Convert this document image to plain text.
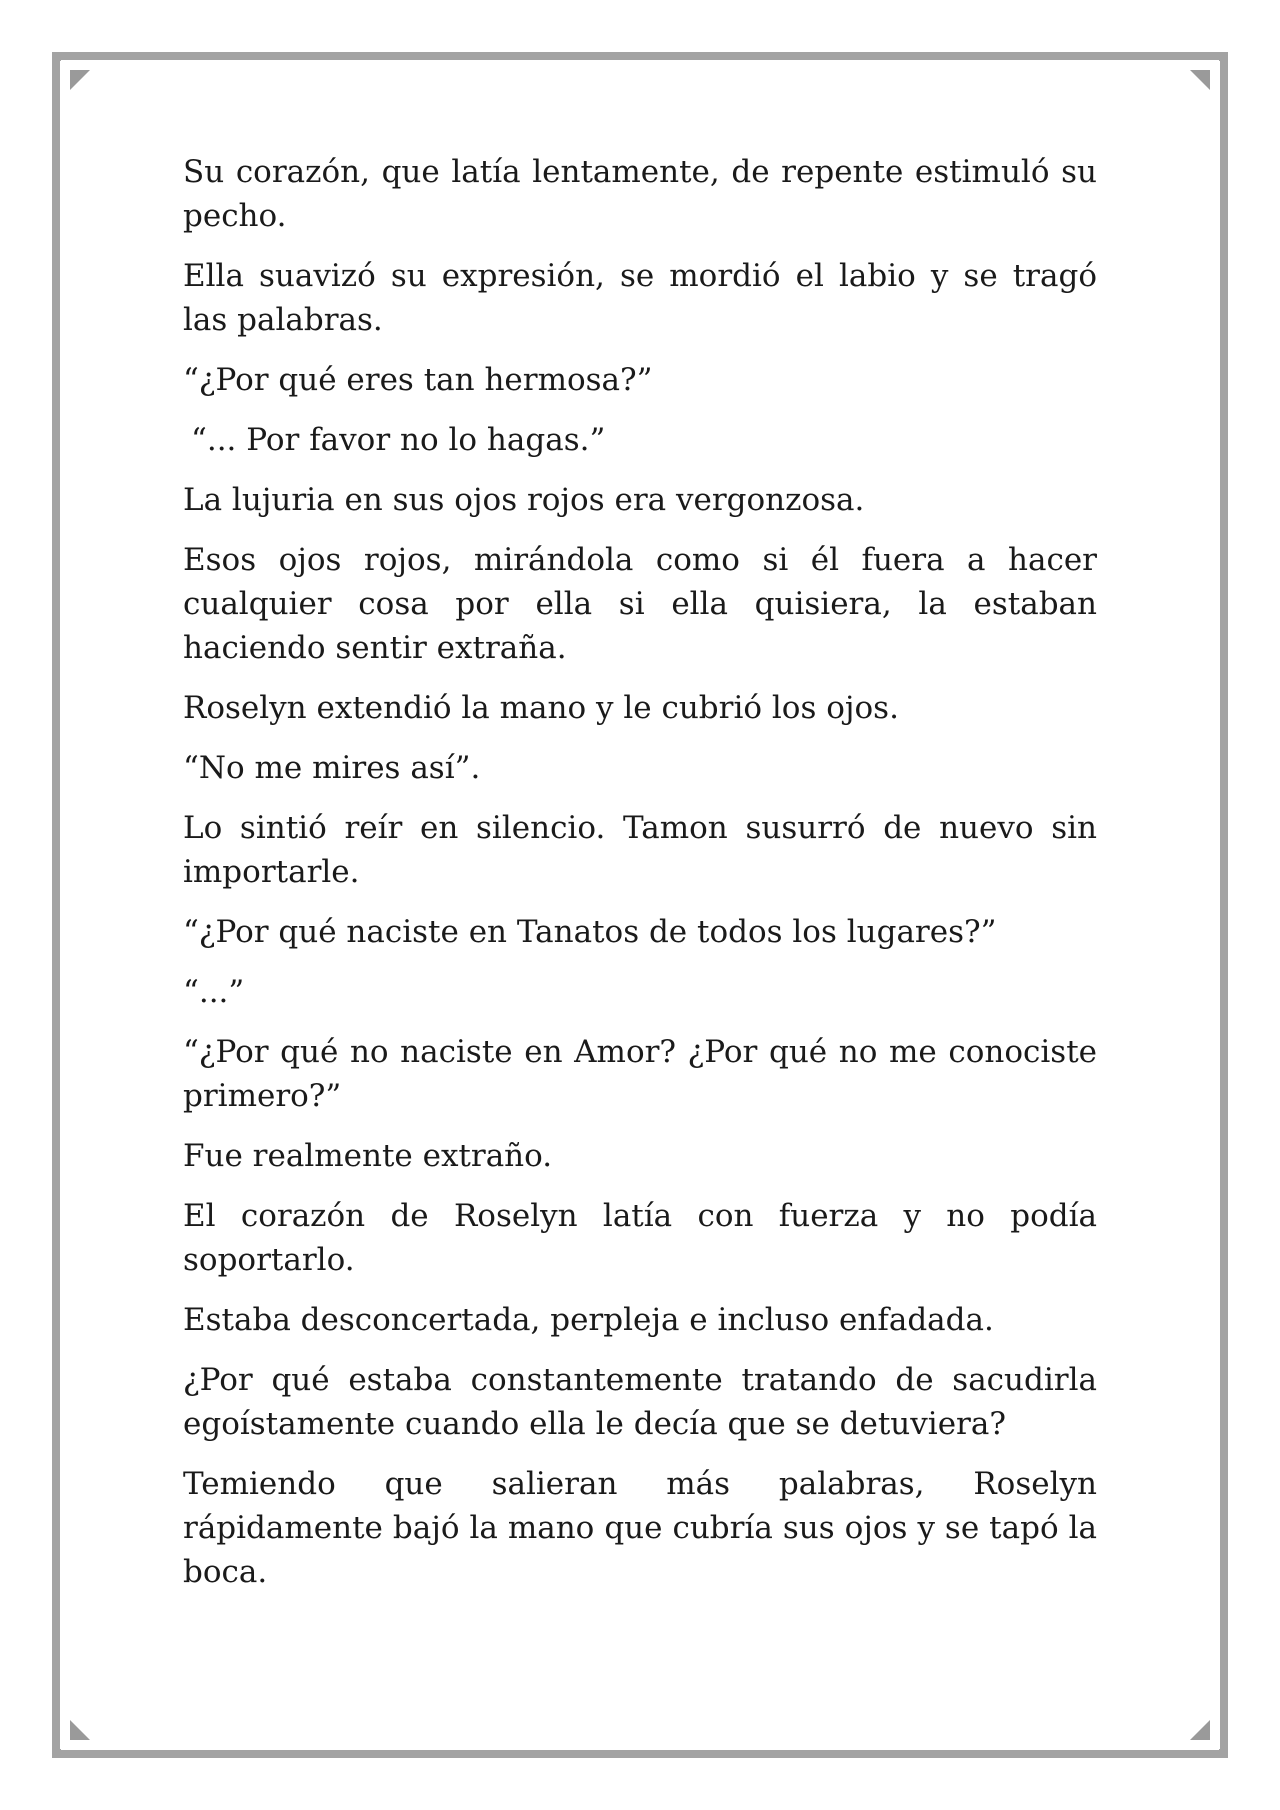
Su corazón, que latía lentamente, de repente estimuló su pecho.

Ella suavizó su expresión, se mordió el labio y se tragó las palabras.

“¿Por qué eres tan hermosa?”

“... Por favor no lo hagas.”

La lujuria en sus ojos rojos era vergonzosa.

Esos ojos rojos, mirándola como si él fuera a hacer cualquier cosa por ella si ella quisiera, la estaban haciendo sentir extraña.

Roselyn extendió la mano y le cubrió los ojos.

“No me mires así”.

Lo sintió reír en silencio. Tamon susurró de nuevo sin importarle.

“¿Por qué naciste en Tanatos de todos los lugares?”

“...”

“¿Por qué no naciste en Amor? ¿Por qué no me conociste primero?”

Fue realmente extraño.

El corazón de Roselyn latía con fuerza y no podía soportarlo.

Estaba desconcertada, perpleja e incluso enfadada.

¿Por qué estaba constantemente tratando de sacudirla egoístamente cuando ella le decía que se detuviera?

Temiendo que salieran más palabras, Roselyn rápidamente bajó la mano que cubría sus ojos y se tapó la boca.
